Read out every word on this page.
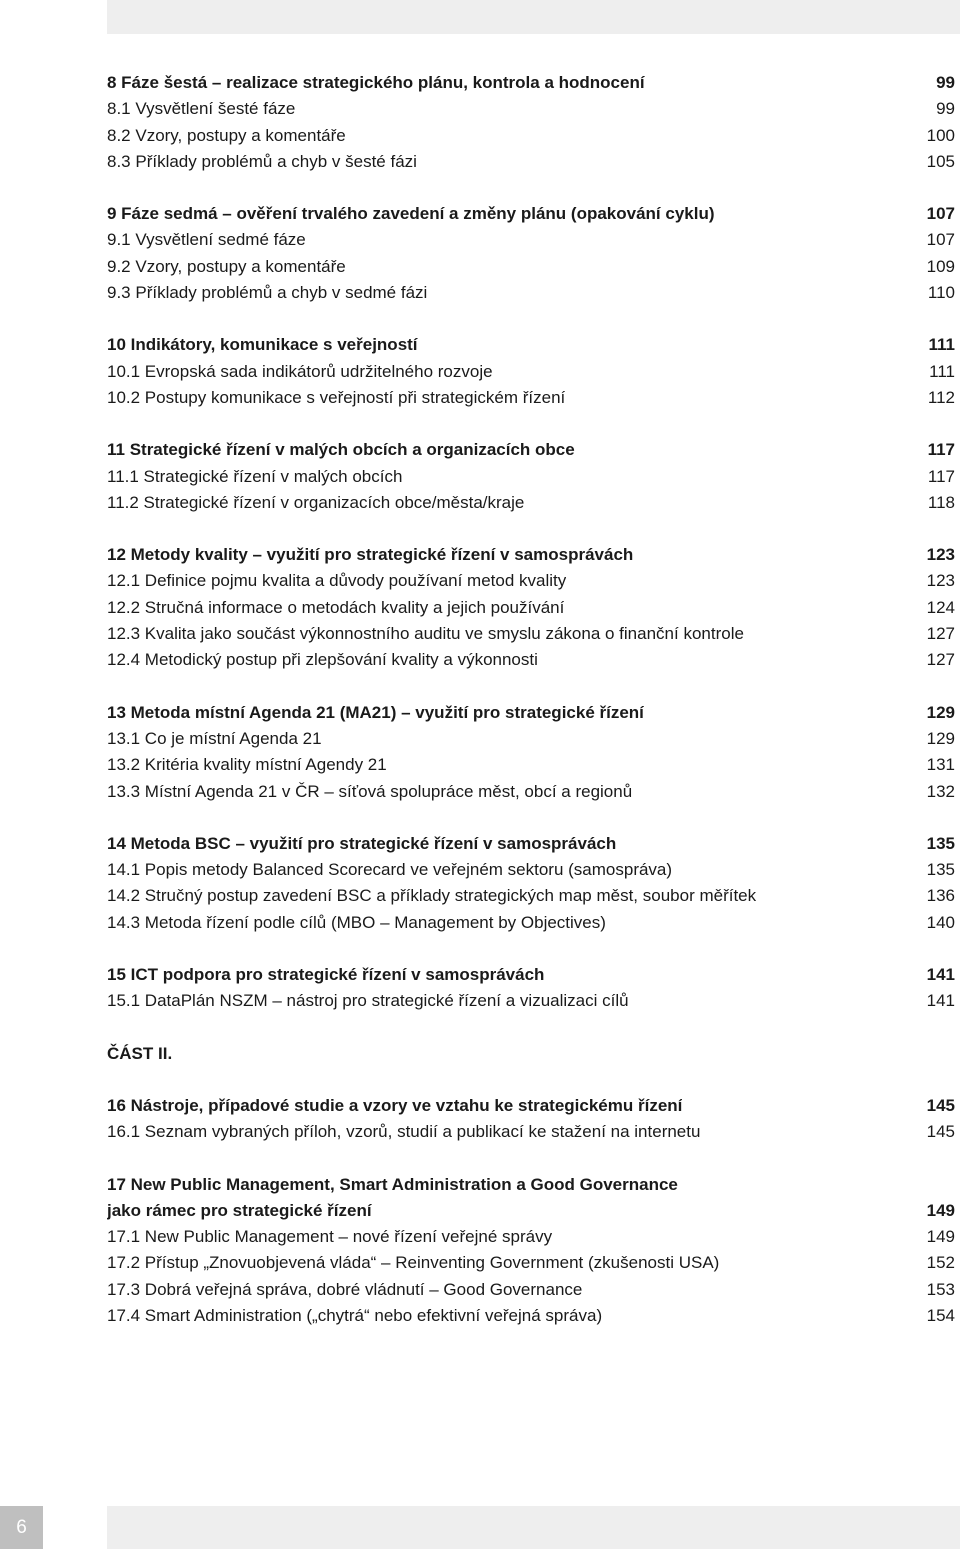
8 Fáze šestá – realizace strategického plánu, kontrola a hodnocení	99
8.1 Vysvětlení šesté fáze	99
8.2 Vzory, postupy a komentáře	100
8.3 Příklady problémů a chyb v šesté fázi	105
9 Fáze sedmá – ověření trvalého zavedení a změny plánu (opakování cyklu)	107
9.1 Vysvětlení sedmé fáze	107
9.2 Vzory, postupy a komentáře	109
9.3 Příklady problémů a chyb v sedmé fázi	110
10 Indikátory, komunikace s veřejností	111
10.1 Evropská sada indikátorů udržitelného rozvoje	111
10.2 Postupy komunikace s veřejností při strategickém řízení	112
11 Strategické řízení v malých obcích a organizacích obce	117
11.1 Strategické řízení v malých obcích	117
11.2 Strategické řízení v organizacích obce/města/kraje	118
12 Metody kvality – využití pro strategické řízení v samosprávách	123
12.1 Definice pojmu kvalita a důvody používaní metod kvality	123
12.2 Stručná informace o metodách kvality a jejich používání	124
12.3 Kvalita jako součást výkonnostního auditu ve smyslu zákona o finanční kontrole	127
12.4 Metodický postup při zlepšování kvality a výkonnosti	127
13 Metoda místní Agenda 21 (MA21) – využití pro strategické řízení	129
13.1 Co je místní Agenda 21	129
13.2 Kritéria kvality místní Agendy 21	131
13.3 Místní Agenda 21 v ČR – síťová spolupráce měst, obcí a regionů	132
14 Metoda BSC – využití pro strategické řízení v samosprávách	135
14.1 Popis metody Balanced Scorecard ve veřejném sektoru (samospráva)	135
14.2 Stručný postup zavedení BSC a příklady strategických map měst, soubor měřítek	136
14.3 Metoda řízení podle cílů (MBO – Management by Objectives)	140
15 ICT podpora pro strategické řízení v samosprávách	141
15.1 DataPlán NSZM – nástroj pro strategické řízení a vizualizaci cílů	141
ČÁST II.
16 Nástroje, případové studie a vzory ve vztahu ke strategickému řízení	145
16.1 Seznam vybraných příloh, vzorů, studií a publikací ke stažení na internetu	145
17 New Public Management, Smart Administration a Good Governance
jako rámec pro strategické řízení	149
17.1 New Public Management – nové řízení veřejné správy	149
17.2 Přístup „Znovuobjevená vláda“ – Reinventing Government (zkušenosti USA)	152
17.3 Dobrá veřejná správa, dobré vládnutí – Good Governance	153
17.4 Smart Administration („chytrá“ nebo efektivní veřejná správa)	154
6
